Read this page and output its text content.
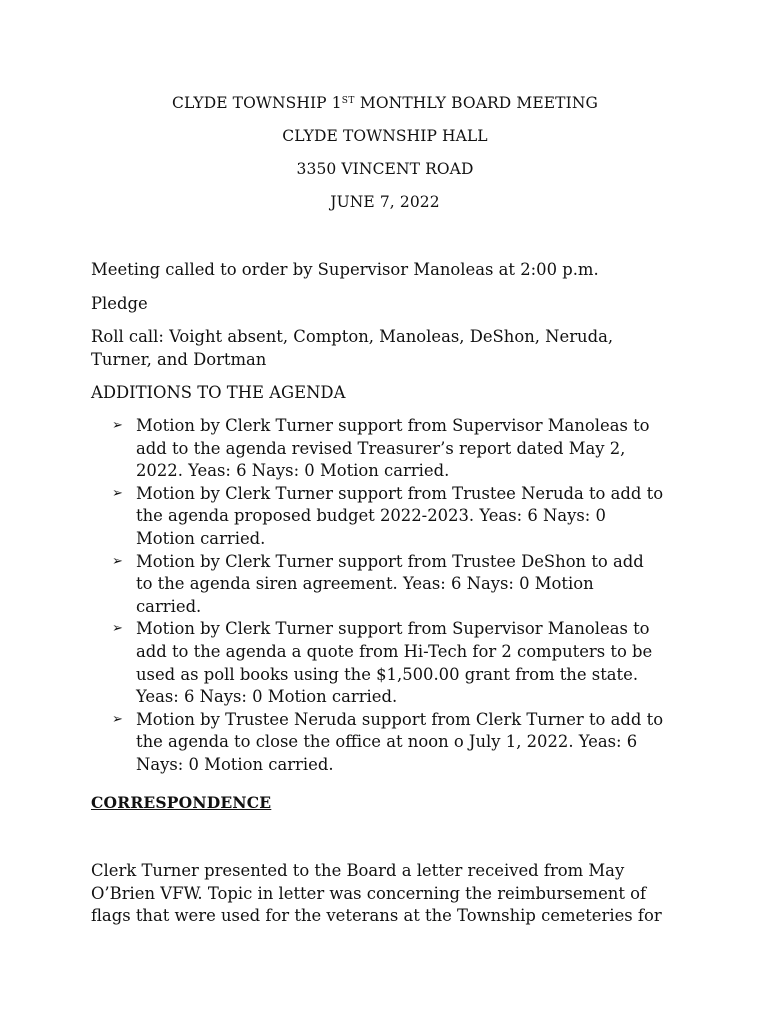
CLYDE TOWNSHIP 1ST MONTHLY BOARD MEETING
CLYDE TOWNSHIP HALL
3350 VINCENT ROAD
JUNE 7, 2022
Meeting called to order by Supervisor Manoleas at 2:00 p.m.
Pledge
Roll call: Voight absent, Compton, Manoleas, DeShon, Neruda,
Turner, and Dortman
ADDITIONS TO THE AGENDA
➢ Motion by Clerk Turner support from Supervisor Manoleas to
add to the agenda revised Treasurer’s report dated May 2,
2022. Yeas: 6 Nays: 0 Motion carried.
➢ Motion by Clerk Turner support from Trustee Neruda to add to
the agenda proposed budget 2022-2023. Yeas: 6 Nays: 0
Motion carried.
➢ Motion by Clerk Turner support from Trustee DeShon to add
to the agenda siren agreement. Yeas: 6 Nays: 0 Motion
carried.
➢ Motion by Clerk Turner support from Supervisor Manoleas to
add to the agenda a quote from Hi-Tech for 2 computers to be
used as poll books using the $1,500.00 grant from the state.
Yeas: 6 Nays: 0 Motion carried.
➢ Motion by Trustee Neruda support from Clerk Turner to add to
the agenda to close the office at noon o July 1, 2022. Yeas: 6
Nays: 0 Motion carried.
CORRESPONDENCE
Clerk Turner presented to the Board a letter received from May
O’Brien VFW. Topic in letter was concerning the reimbursement of
flags that were used for the veterans at the Township cemeteries for
